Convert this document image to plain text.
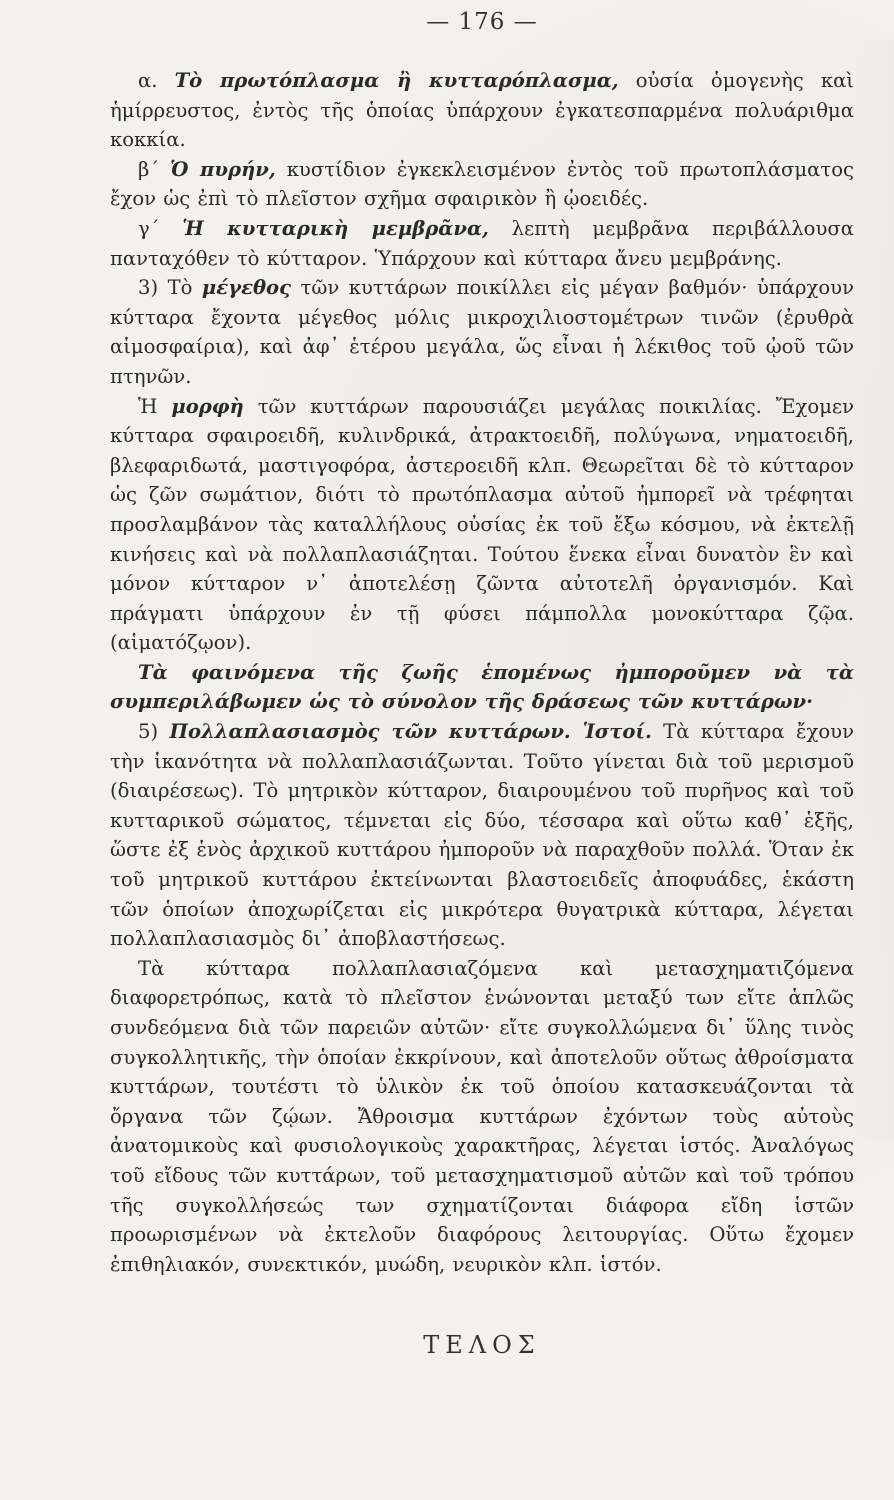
— 176 —

α. Τὸ πρωτόπλασμα ἢ κυτταρόπλασμα, οὐσία ὁμογενὴς καὶ ἡμίρρευστος, ἐντὸς τῆς ὁποίας ὑπάρχουν ἐγκατεσπαρμένα πολυάριθμα κοκκία.

β΄ Ὁ πυρήν, κυστίδιον ἐγκεκλεισμένον ἐντὸς τοῦ πρωτοπλάσματος ἔχον ὡς ἐπὶ τὸ πλεῖστον σχῆμα σφαιρικὸν ἢ ᾠοειδές.

γ΄ Ἡ κυτταρικὴ μεμβρᾶνα, λεπτὴ μεμβρᾶνα περιβάλλουσα πανταχόθεν τὸ κύτταρον. Ὑπάρχουν καὶ κύτταρα ἄνευ μεμβράνης.

3) Τὸ μέγεθος τῶν κυττάρων ποικίλλει εἰς μέγαν βαθμόν· ὑπάρχουν κύτταρα ἔχοντα μέγεθος μόλις μικροχιλιοστομέτρων τινῶν (ἐρυθρὰ αἱμοσφαίρια), καὶ ἀφ᾿ ἑτέρου μεγάλα, ὥς εἶναι ἡ λέκιθος τοῦ ᾠοῦ τῶν πτηνῶν.

Ἡ μορφὴ τῶν κυττάρων παρουσιάζει μεγάλας ποικιλίας. Ἔχομεν κύτταρα σφαιροειδῆ, κυλινδρικά, ἀτρακτοειδῆ, πολύγωνα, νηματοειδῆ, βλεφαριδωτά, μαστιγοφόρα, ἀστεροειδῆ κλπ. Θεωρεῖται δὲ τὸ κύτταρον ὡς ζῶν σωμάτιον, διότι τὸ πρωτόπλασμα αὐτοῦ ἠμπορεῖ νὰ τρέφηται προσλαμβάνον τὰς καταλλήλους οὐσίας ἐκ τοῦ ἔξω κόσμου, νὰ ἐκτελῇ κινήσεις καὶ νὰ πολλαπλασιάζηται. Τούτου ἕνεκα εἶναι δυνατὸν ἓν καὶ μόνον κύτταρον ν᾿ ἀποτελέσῃ ζῶντα αὐτοτελῆ ὀργανισμόν. Καὶ πράγματι ὑπάρχουν ἐν τῇ φύσει πάμπολλα μονοκύτταρα ζῷα. (αἱματόζῳον).

Τὰ φαινόμενα τῆς ζωῆς ἑπομένως ἠμποροῦμεν νὰ τὰ συμπεριλάβωμεν ὡς τὸ σύνολον τῆς δράσεως τῶν κυττάρων·

5) Πολλαπλασιασμὸς τῶν κυττάρων. Ἱστοί. Τὰ κύτταρα ἔχουν τὴν ἱκανότητα νὰ πολλαπλασιάζωνται. Τοῦτο γίνεται διὰ τοῦ μερισμοῦ (διαιρέσεως). Τὸ μητρικὸν κύτταρον, διαιρουμένου τοῦ πυρῆνος καὶ τοῦ κυτταρικοῦ σώματος, τέμνεται εἰς δύο, τέσσαρα καὶ οὕτω καθ᾿ ἑξῆς, ὥστε ἐξ ἑνὸς ἀρχικοῦ κυττάρου ἠμποροῦν νὰ παραχθοῦν πολλά. Ὅταν ἐκ τοῦ μητρικοῦ κυττάρου ἐκτείνωνται βλαστοειδεῖς ἀποφυάδες, ἑκάστη τῶν ὁποίων ἀποχωρίζεται εἰς μικρότερα θυγατρικὰ κύτταρα, λέγεται πολλαπλασιασμὸς δι᾿ ἀποβλαστήσεως.

Τὰ κύτταρα πολλαπλασιαζόμενα καὶ μετασχηματιζόμενα διαφορετρόπως, κατὰ τὸ πλεῖστον ἑνώνονται μεταξύ των εἴτε ἁπλῶς συνδεόμενα διὰ τῶν παρειῶν αὐτῶν· εἴτε συγκολλώμενα δι᾿ ὕλης τινὸς συγκολλητικῆς, τὴν ὁποίαν ἐκκρίνουν, καὶ ἀποτελοῦν οὕτως ἀθροίσματα κυττάρων, τουτέστι τὸ ὑλικὸν ἐκ τοῦ ὁποίου κατασκευάζονται τὰ ὄργανα τῶν ζῴων. Ἄθροισμα κυττάρων ἐχόντων τοὺς αὐτοὺς ἀνατομικοὺς καὶ φυσιολογικοὺς χαρακτῆρας, λέγεται ἱστός. Ἀναλόγως τοῦ εἴδους τῶν κυττάρων, τοῦ μετασχηματισμοῦ αὐτῶν καὶ τοῦ τρόπου τῆς συγκολλήσεώς των σχηματίζονται διάφορα εἴδη ἱστῶν προωρισμένων νὰ ἐκτελοῦν διαφόρους λειτουργίας. Οὕτω ἔχομεν ἐπιθηλιακόν, συνεκτικόν, μυώδη, νευρικὸν κλπ. ἱστόν.

ΤΕΛΟΣ
